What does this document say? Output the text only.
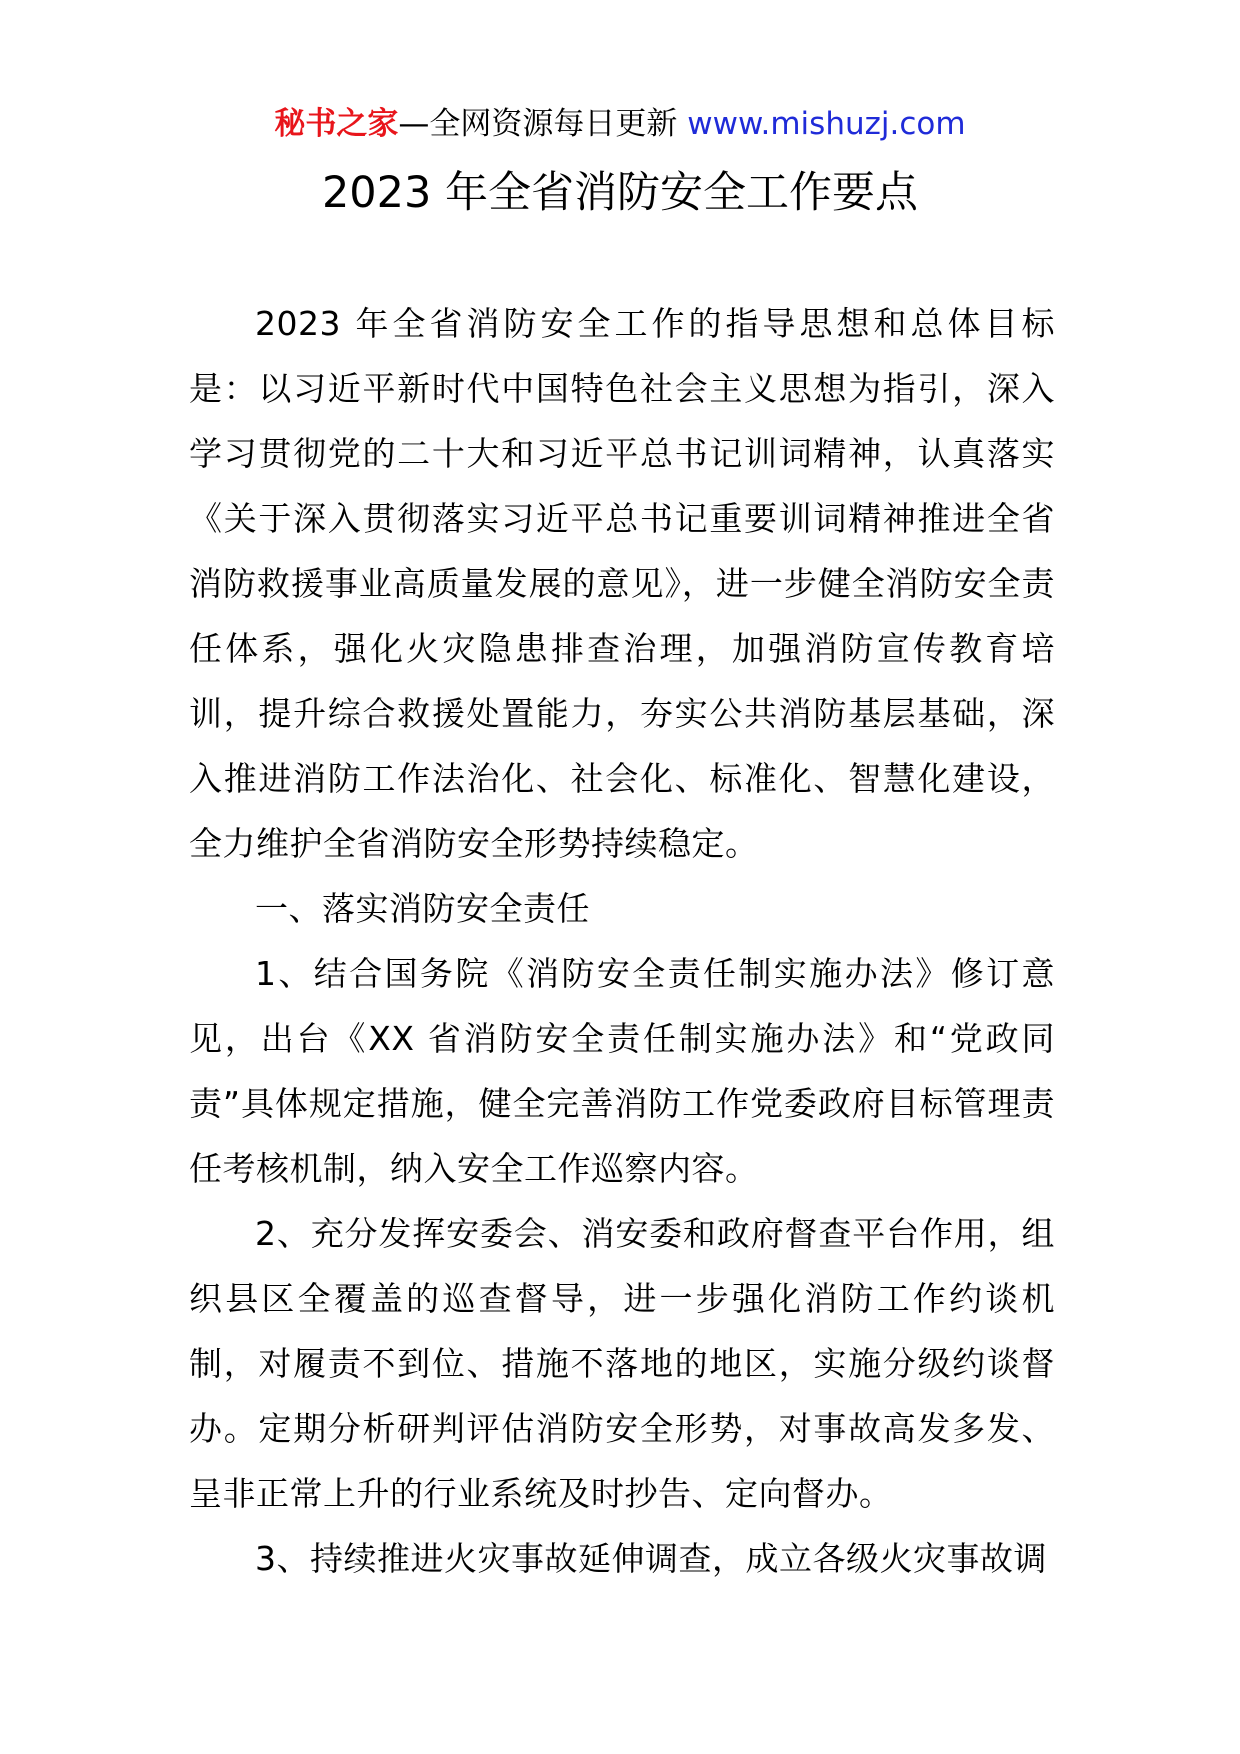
秘书之家—全网资源每日更新 www.mishuzj.com
2023 年全省消防安全工作要点

2023 年全省消防安全工作的指导思想和总体目标是：以习近平新时代中国特色社会主义思想为指引，深入学习贯彻党的二十大和习近平总书记训词精神，认真落实《关于深入贯彻落实习近平总书记重要训词精神推进全省消防救援事业高质量发展的意见》，进一步健全消防安全责任体系，强化火灾隐患排查治理，加强消防宣传教育培训，提升综合救援处置能力，夯实公共消防基层基础，深入推进消防工作法治化、社会化、标准化、智慧化建设，全力维护全省消防安全形势持续稳定。

一、落实消防安全责任

1、结合国务院《消防安全责任制实施办法》修订意见，出台《XX 省消防安全责任制实施办法》和“党政同责”具体规定措施，健全完善消防工作党委政府目标管理责任考核机制，纳入安全工作巡察内容。

2、充分发挥安委会、消安委和政府督查平台作用，组织县区全覆盖的巡查督导，进一步强化消防工作约谈机制，对履责不到位、措施不落地的地区，实施分级约谈督办。定期分析研判评估消防安全形势，对事故高发多发、呈非正常上升的行业系统及时抄告、定向督办。

3、持续推进火灾事故延伸调查，成立各级火灾事故调
